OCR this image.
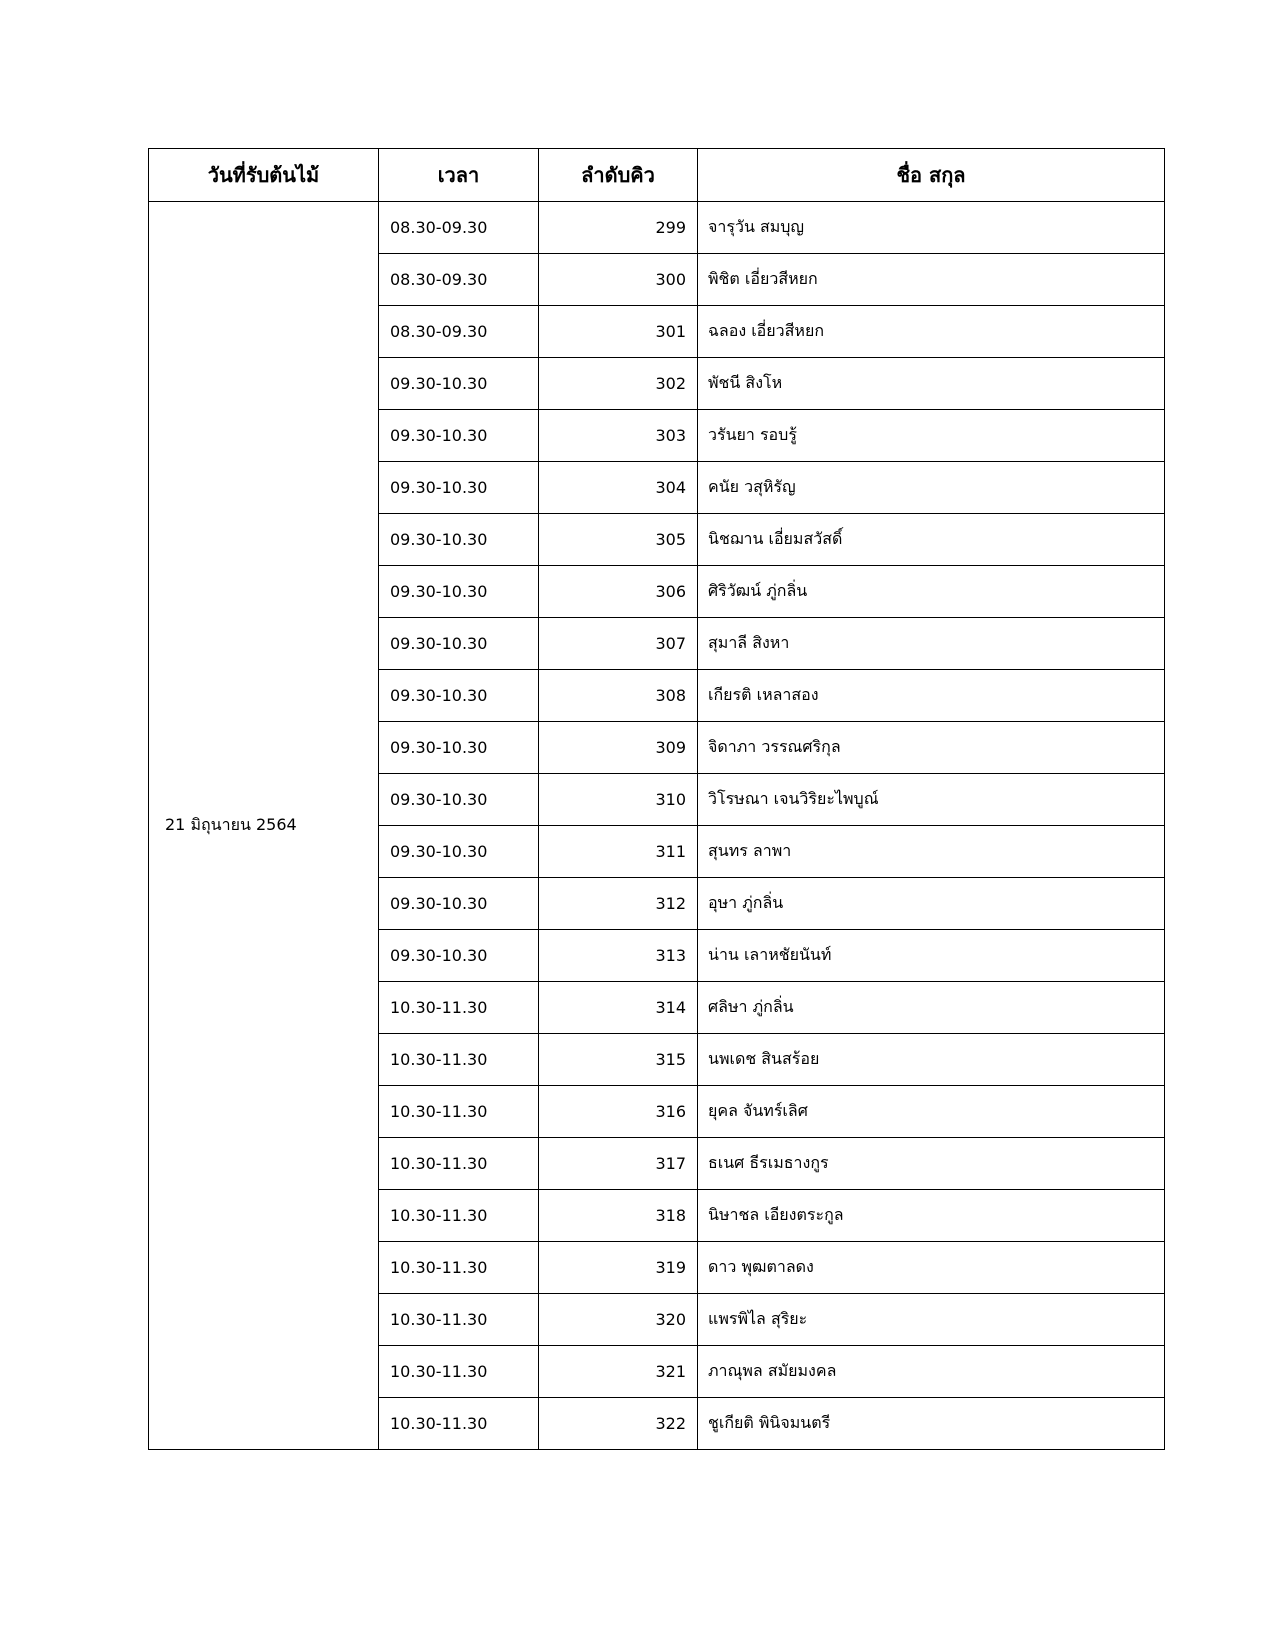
วันที่รับต้นไม้	เวลา	ลำดับคิว	ชื่อ สกุล
21 มิถุนายน 2564	08.30-09.30	299	จารุวัน สมบุญ
	08.30-09.30	300	พิชิต เอี่ยวสีหยก
	08.30-09.30	301	ฉลอง เอี่ยวสีหยก
	09.30-10.30	302	พัชนี สิงโห
	09.30-10.30	303	วรันยา รอบรู้
	09.30-10.30	304	คนัย วสุหิรัญ
	09.30-10.30	305	นิชฌาน เอี่ยมสวัสดิ์
	09.30-10.30	306	ศิริวัฒน์ ภู่กลิ่น
	09.30-10.30	307	สุมาลี สิงหา
	09.30-10.30	308	เกียรติ เหลาสอง
	09.30-10.30	309	จิดาภา วรรณศริกุล
	09.30-10.30	310	วิโรษณา เจนวิริยะไพบูณ์
	09.30-10.30	311	สุนทร ลาพา
	09.30-10.30	312	อุษา ภู่กลิ่น
	09.30-10.30	313	น่าน เลาหชัยนันท์
	10.30-11.30	314	ศลิษา ภู่กลิ่น
	10.30-11.30	315	นพเดช สินสร้อย
	10.30-11.30	316	ยุคล จันทร์เลิศ
	10.30-11.30	317	ธเนศ ธีรเมธางกูร
	10.30-11.30	318	นิษาชล เอียงตระกูล
	10.30-11.30	319	ดาว พุฒตาลดง
	10.30-11.30	320	แพรพิไล สุริยะ
	10.30-11.30	321	ภาณุพล สมัยมงคล
	10.30-11.30	322	ชูเกียติ พินิจมนตรี
